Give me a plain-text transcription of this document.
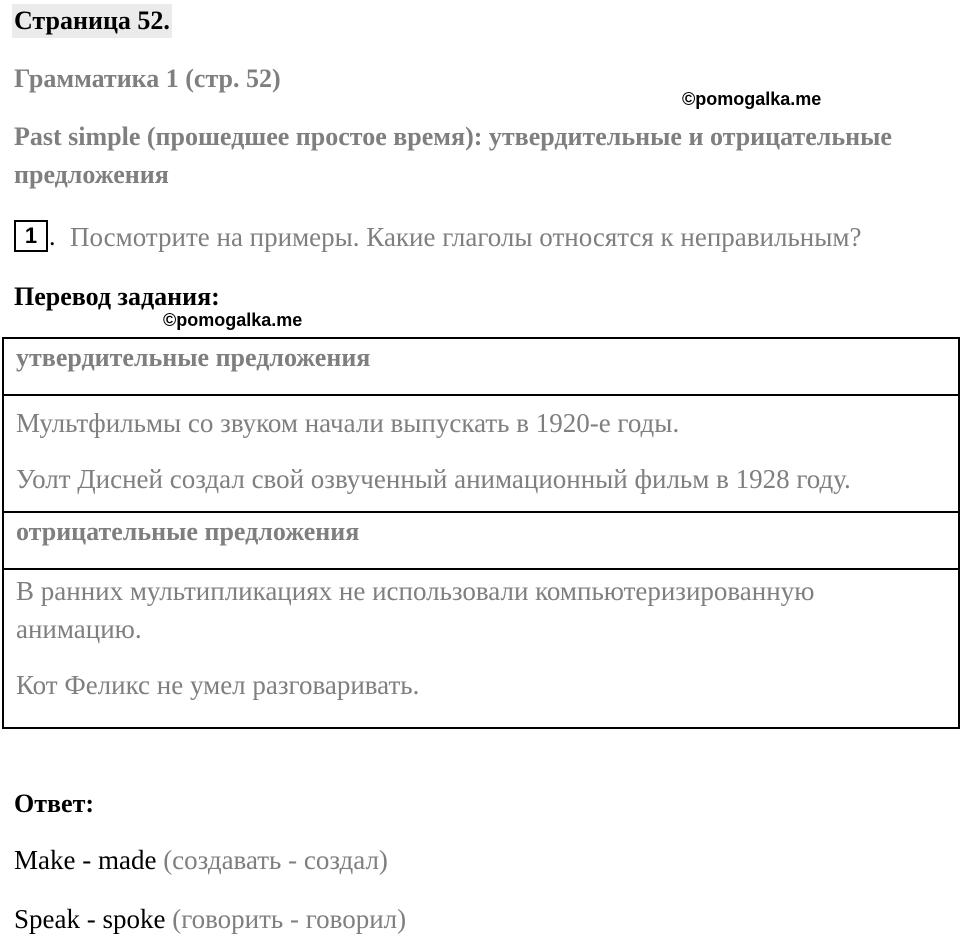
Страница 52.
Грамматика 1 (стр. 52)
©pomogalka.me
Past simple (прошедшее простое время): утвердительные и отрицательные предложения
1 . Посмотрите на примеры. Какие глаголы относятся к неправильным?
Перевод задания:
©pomogalka.me
утвердительные предложения
Мультфильмы со звуком начали выпускать в 1920-е годы.
Уолт Дисней создал свой озвученный анимационный фильм в 1928 году.
отрицательные предложения
В ранних мультипликациях не использовали компьютеризированную анимацию.
Кот Феликс не умел разговаривать.
Ответ:
Make - made (создавать - создал)
Speak - spoke (говорить - говорил)
